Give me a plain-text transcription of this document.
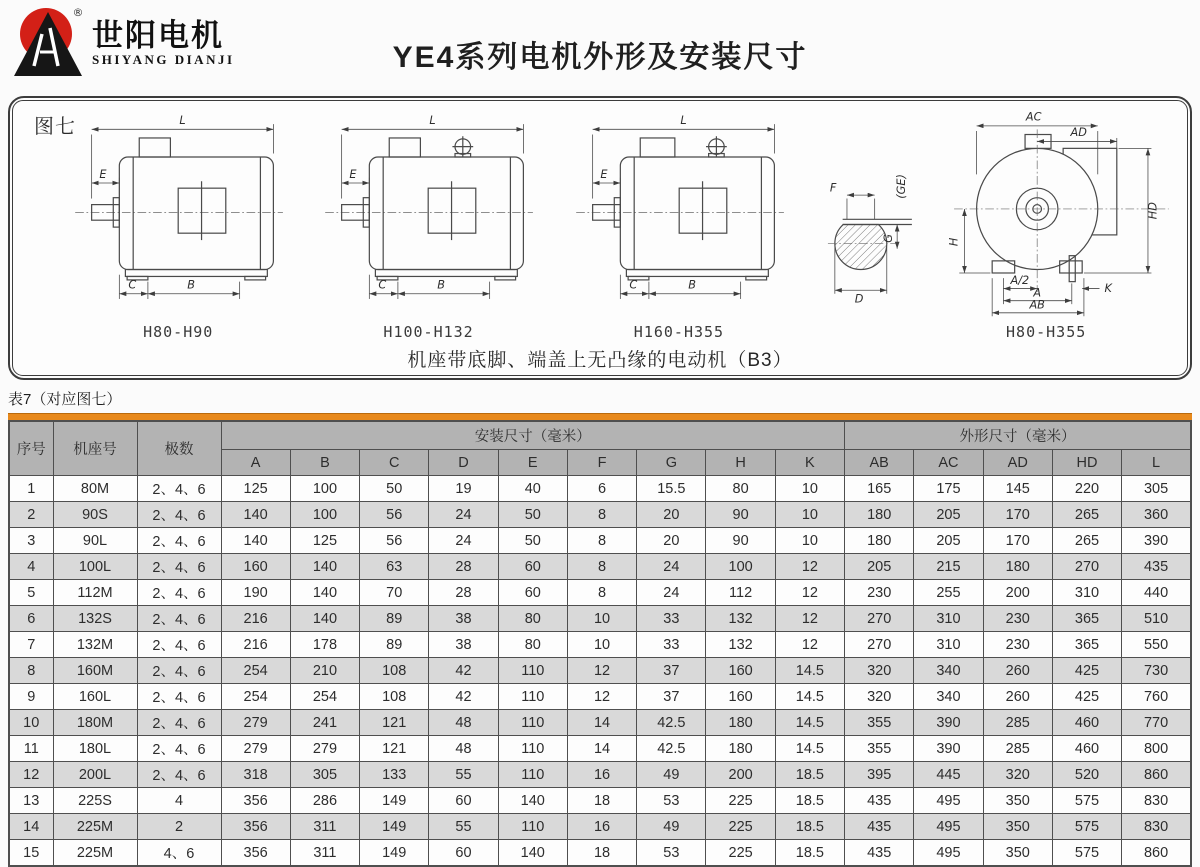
®
世阳电机
SHIYANG DIANJI	YE4系列电机外形及安装尺寸
图七	L
E
C	B
H80-H90
L
E
C	B
H100-H132
L
E
C	B
H160-H355
F	(GE)
G
D
AC
AD
HD
H
A/2
K
A
AB
H80-H355
机座带底脚、端盖上无凸缘的电动机（B3）
表7（对应图七）
序号	机座号	极数	安装尺寸（毫米）									外形尺寸（毫米）				
			A	B	C	D	E	F	G	H	K	AB	AC	AD	HD	L
1	80M	2、4、6	125	100	50	19	40	6	15.5	80	10	165	175	145	220	305
2	90S	2、4、6	140	100	56	24	50	8	20	90	10	180	205	170	265	360
3	90L	2、4、6	140	125	56	24	50	8	20	90	10	180	205	170	265	390
4	100L	2、4、6	160	140	63	28	60	8	24	100	12	205	215	180	270	435
5	112M	2、4、6	190	140	70	28	60	8	24	112	12	230	255	200	310	440
6	132S	2、4、6	216	140	89	38	80	10	33	132	12	270	310	230	365	510
7	132M	2、4、6	216	178	89	38	80	10	33	132	12	270	310	230	365	550
8	160M	2、4、6	254	210	108	42	110	12	37	160	14.5	320	340	260	425	730
9	160L	2、4、6	254	254	108	42	110	12	37	160	14.5	320	340	260	425	760
10	180M	2、4、6	279	241	121	48	110	14	42.5	180	14.5	355	390	285	460	770
11	180L	2、4、6	279	279	121	48	110	14	42.5	180	14.5	355	390	285	460	800
12	200L	2、4、6	318	305	133	55	110	16	49	200	18.5	395	445	320	520	860
13	225S	4	356	286	149	60	140	18	53	225	18.5	435	495	350	575	830
14	225M	2	356	311	149	55	110	16	49	225	18.5	435	495	350	575	830
15	225M	4、6	356	311	149	60	140	18	53	225	18.5	435	495	350	575	860
